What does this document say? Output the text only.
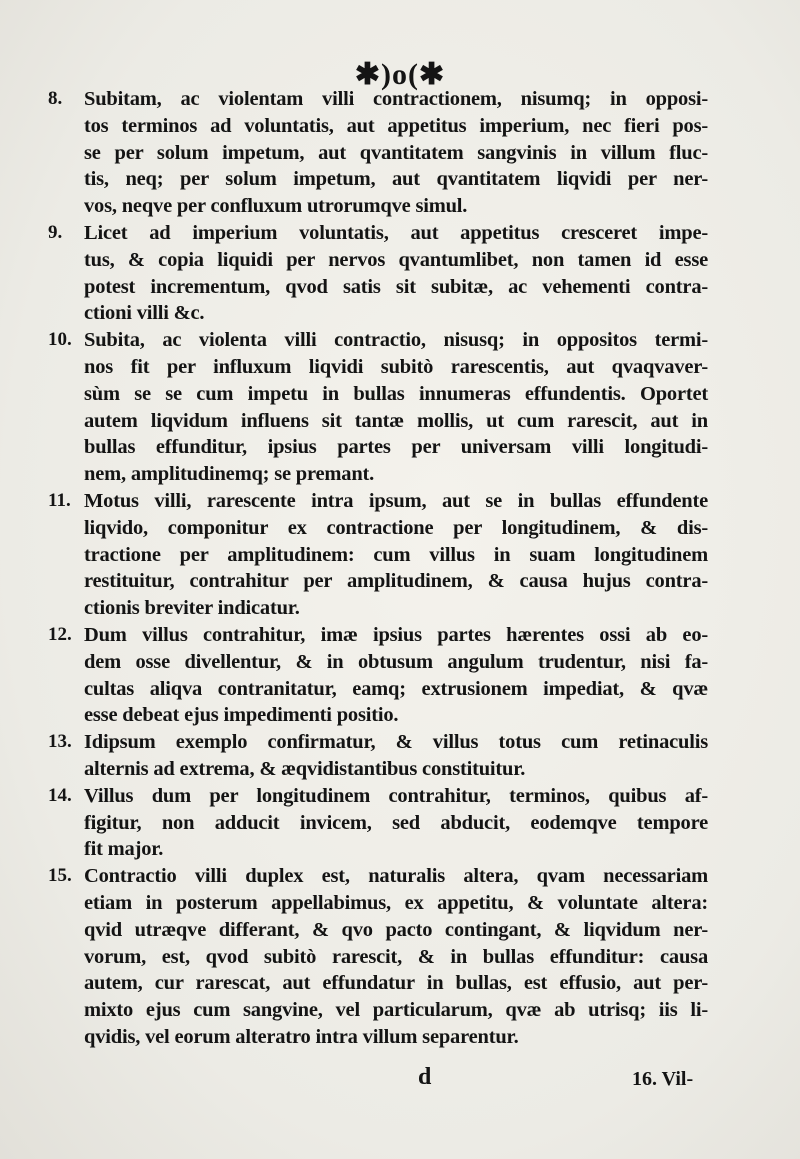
✱)o(✱
8. Subitam, ac violentam villi contractionem, nisumq; in opposi-
tos terminos ad voluntatis, aut appetitus imperium, nec fieri pos-
se per solum impetum, aut qvantitatem sangvinis in villum fluc-
tis, neq; per solum impetum, aut qvantitatem liqvidi per ner-
vos, neqve per confluxum utrorumqve simul.
9. Licet ad imperium voluntatis, aut appetitus cresceret impe-
tus, & copia liquidi per nervos qvantumlibet, non tamen id esse
potest incrementum, qvod satis sit subitæ, ac vehementi contra-
ctioni villi &c.
10. Subita, ac violenta villi contractio, nisusq; in oppositos termi-
nos fit per influxum liqvidi subitò rarescentis, aut qvaqvaver-
sùm se se cum impetu in bullas innumeras effundentis. Oportet
autem liqvidum influens sit tantæ mollis, ut cum rarescit, aut in
bullas effunditur, ipsius partes per universam villi longitudi-
nem, amplitudinemq; se premant.
11. Motus villi, rarescente intra ipsum, aut se in bullas effundente
liqvido, componitur ex contractione per longitudinem, & dis-
tractione per amplitudinem: cum villus in suam longitudinem
restituitur, contrahitur per amplitudinem, & causa hujus contra-
ctionis breviter indicatur.
12. Dum villus contrahitur, imæ ipsius partes hærentes ossi ab eo-
dem osse divellentur, & in obtusum angulum trudentur, nisi fa-
cultas aliqva contranitatur, eamq; extrusionem impediat, & qvæ
esse debeat ejus impedimenti positio.
13. Idipsum exemplo confirmatur, & villus totus cum retinaculis
alternis ad extrema, & æqvidistantibus constituitur.
14. Villus dum per longitudinem contrahitur, terminos, quibus af-
figitur, non adducit invicem, sed abducit, eodemqve tempore
fit major.
15. Contractio villi duplex est, naturalis altera, qvam necessariam
etiam in posterum appellabimus, ex appetitu, & voluntate altera:
qvid utræqve differant, & qvo pacto contingant, & liqvidum ner-
vorum, est, qvod subitò rarescit, & in bullas effunditur: causa
autem, cur rarescat, aut effundatur in bullas, est effusio, aut per-
mixto ejus cum sangvine, vel particularum, qvæ ab utrisq; iis li-
qvidis, vel eorum alteratro intra villum separentur.
d	16. Vil-
